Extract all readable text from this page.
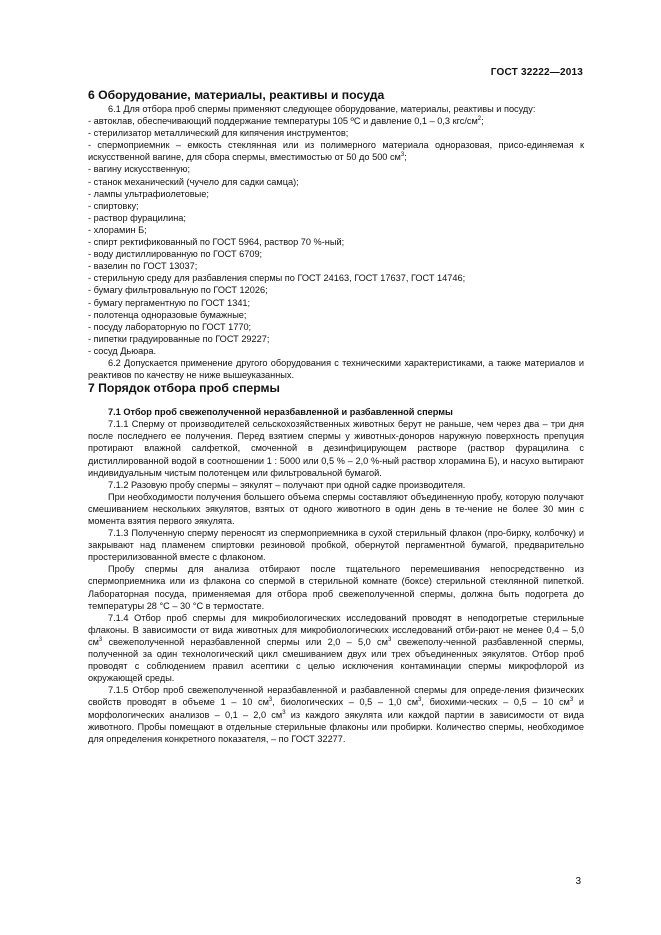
ГОСТ 32222—2013

6 Оборудование, материалы, реактивы и посуда

6.1 Для отбора проб спермы применяют следующее оборудование, материалы, реактивы и посуду:

- автоклав, обеспечивающий поддержание температуры 105 ºС и давление 0,1 – 0,3 кгс/$см^2$;

- стерилизатор металлический для кипячения инструментов;

- спермоприемник – емкость стеклянная или из полимерного материала одноразовая, присо-единяемая к искусственной вагине, для сбора спермы, вместимостью от 50 до 500 $см^3$;

- вагину искусственную;

- станок механический (чучело для садки самца);

- лампы ультрафиолетовые;

- спиртовку;

- раствор фурацилина;

- хлорамин Б;

- спирт ректификованный по ГОСТ 5964, раствор 70 %-ный;

- воду дистиллированную по ГОСТ 6709;

- вазелин по ГОСТ 13037;

- стерильную среду для разбавления спермы по ГОСТ 24163, ГОСТ 17637, ГОСТ 14746;

- бумагу фильтровальную по ГОСТ 12026;

- бумагу пергаментную по ГОСТ 1341;

- полотенца одноразовые бумажные;

- посуду лабораторную по ГОСТ 1770;

- пипетки градуированные по ГОСТ 29227;

- сосуд Дьюара.

6.2 Допускается применение другого оборудования с техническими характеристиками, а также материалов и реактивов по качеству не ниже вышеуказанных.

7 Порядок отбора проб спермы

7.1 Отбор проб свежеполученной неразбавленной и разбавленной спермы

7.1.1 Сперму от производителей сельскохозяйственных животных берут не раньше, чем через два – три дня после последнего ее получения. Перед взятием спермы у животных-доноров наружную поверхность препуция протирают влажной салфеткой, смоченной в дезинфицирующем растворе (раствор фурацилина с дистиллированной водой в соотношении 1 : 5000 или 0,5 % – 2,0 %-ный раствор хлорамина Б), и насухо вытирают индивидуальным чистым полотенцем или фильтровальной бумагой.

7.1.2 Разовую пробу спермы – эякулят – получают при одной садке производителя.

При необходимости получения большего объема спермы составляют объединенную пробу, которую получают смешиванием нескольких эякулятов, взятых от одного животного в один день в те-чение не более 30 мин с момента взятия первого эякулята.

7.1.3 Полученную сперму переносят из спермоприемника в сухой стерильный флакон (про-бирку, колбочку) и закрывают над пламенем спиртовки резиновой пробкой, обернутой пергаментной бумагой, предварительно простерилизованной вместе с флаконом.

Пробу спермы для анализа отбирают после тщательного перемешивания непосредственно из спермоприемника или из флакона со спермой в стерильной комнате (боксе) стерильной стеклянной пипеткой. Лабораторная посуда, применяемая для отбора проб свежеполученной спермы, должна быть подогрета до температуры 28 °С – 30 °С в термостате.

7.1.4 Отбор проб спермы для микробиологических исследований проводят в неподогретые стерильные флаконы. В зависимости от вида животных для микробиологических исследований отби-рают не менее 0,4 – 5,0 $см^3$ свежеполученной неразбавленной спермы или 2,0 – 5,0 $см^3$ свежеполу-ченной разбавленной спермы, полученной за один технологический цикл смешиванием двух или трех объединенных эякулятов. Отбор проб проводят с соблюдением правил асептики с целью исключения контаминации спермы микрофлорой из окружающей среды.

7.1.5 Отбор проб свежеполученной неразбавленной и разбавленной спермы для опреде-ления физических свойств проводят в объеме 1 – 10 $см^3$, биологических – 0,5 – 1,0 $см^3$, биохими-ческих – 0,5 – 10 $см^3$ и морфологических анализов – 0,1 – 2,0 $см^3$ из каждого эякулята или каждой партии в зависимости от вида животного. Пробы помещают в отдельные стерильные флаконы или пробирки. Количество спермы, необходимое для определения конкретного показателя, – по ГОСТ 32277.

3
